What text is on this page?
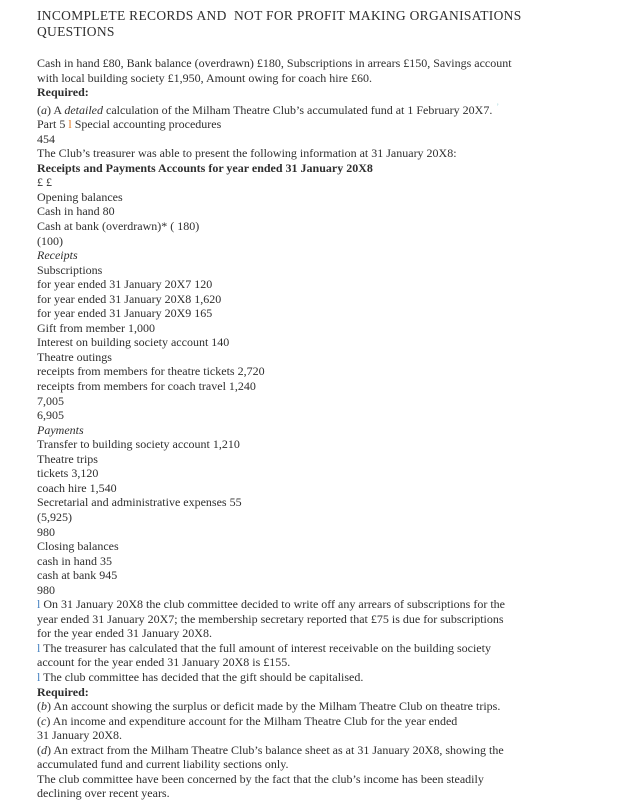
INCOMPLETE RECORDS AND  NOT FOR PROFIT MAKING ORGANISATIONS
QUESTIONS

Cash in hand £80, Bank balance (overdrawn) £180, Subscriptions in arrears £150, Savings account

with local building society £1,950, Amount owing for coach hire £60.

Required:

(a) A detailed calculation of the Milham Theatre Club’s accumulated fund at 1 February 20X7.  ’

Part 5 l Special accounting procedures

454

The Club’s treasurer was able to present the following information at 31 January 20X8:

Receipts and Payments Accounts for year ended 31 January 20X8

£ £

Opening balances

Cash in hand 80

Cash at bank (overdrawn)* ( 180)

(100)

Receipts

Subscriptions

for year ended 31 January 20X7 120

for year ended 31 January 20X8 1,620

for year ended 31 January 20X9 165

Gift from member 1,000

Interest on building society account 140

Theatre outings

receipts from members for theatre tickets 2,720

receipts from members for coach travel 1,240

7,005

6,905

Payments

Transfer to building society account 1,210

Theatre trips

tickets 3,120

coach hire 1,540

Secretarial and administrative expenses 55

(5,925)

980

Closing balances

cash in hand 35

cash at bank 945

980

l On 31 January 20X8 the club committee decided to write off any arrears of subscriptions for the

year ended 31 January 20X7; the membership secretary reported that £75 is due for subscriptions

for the year ended 31 January 20X8.

l The treasurer has calculated that the full amount of interest receivable on the building society

account for the year ended 31 January 20X8 is £155.

l The club committee has decided that the gift should be capitalised.

Required:

(b) An account showing the surplus or deficit made by the Milham Theatre Club on theatre trips.

(c) An income and expenditure account for the Milham Theatre Club for the year ended

31 January 20X8.

(d) An extract from the Milham Theatre Club’s balance sheet as at 31 January 20X8, showing the

accumulated fund and current liability sections only.

The club committee have been concerned by the fact that the club’s income has been steadily

declining over recent years.
